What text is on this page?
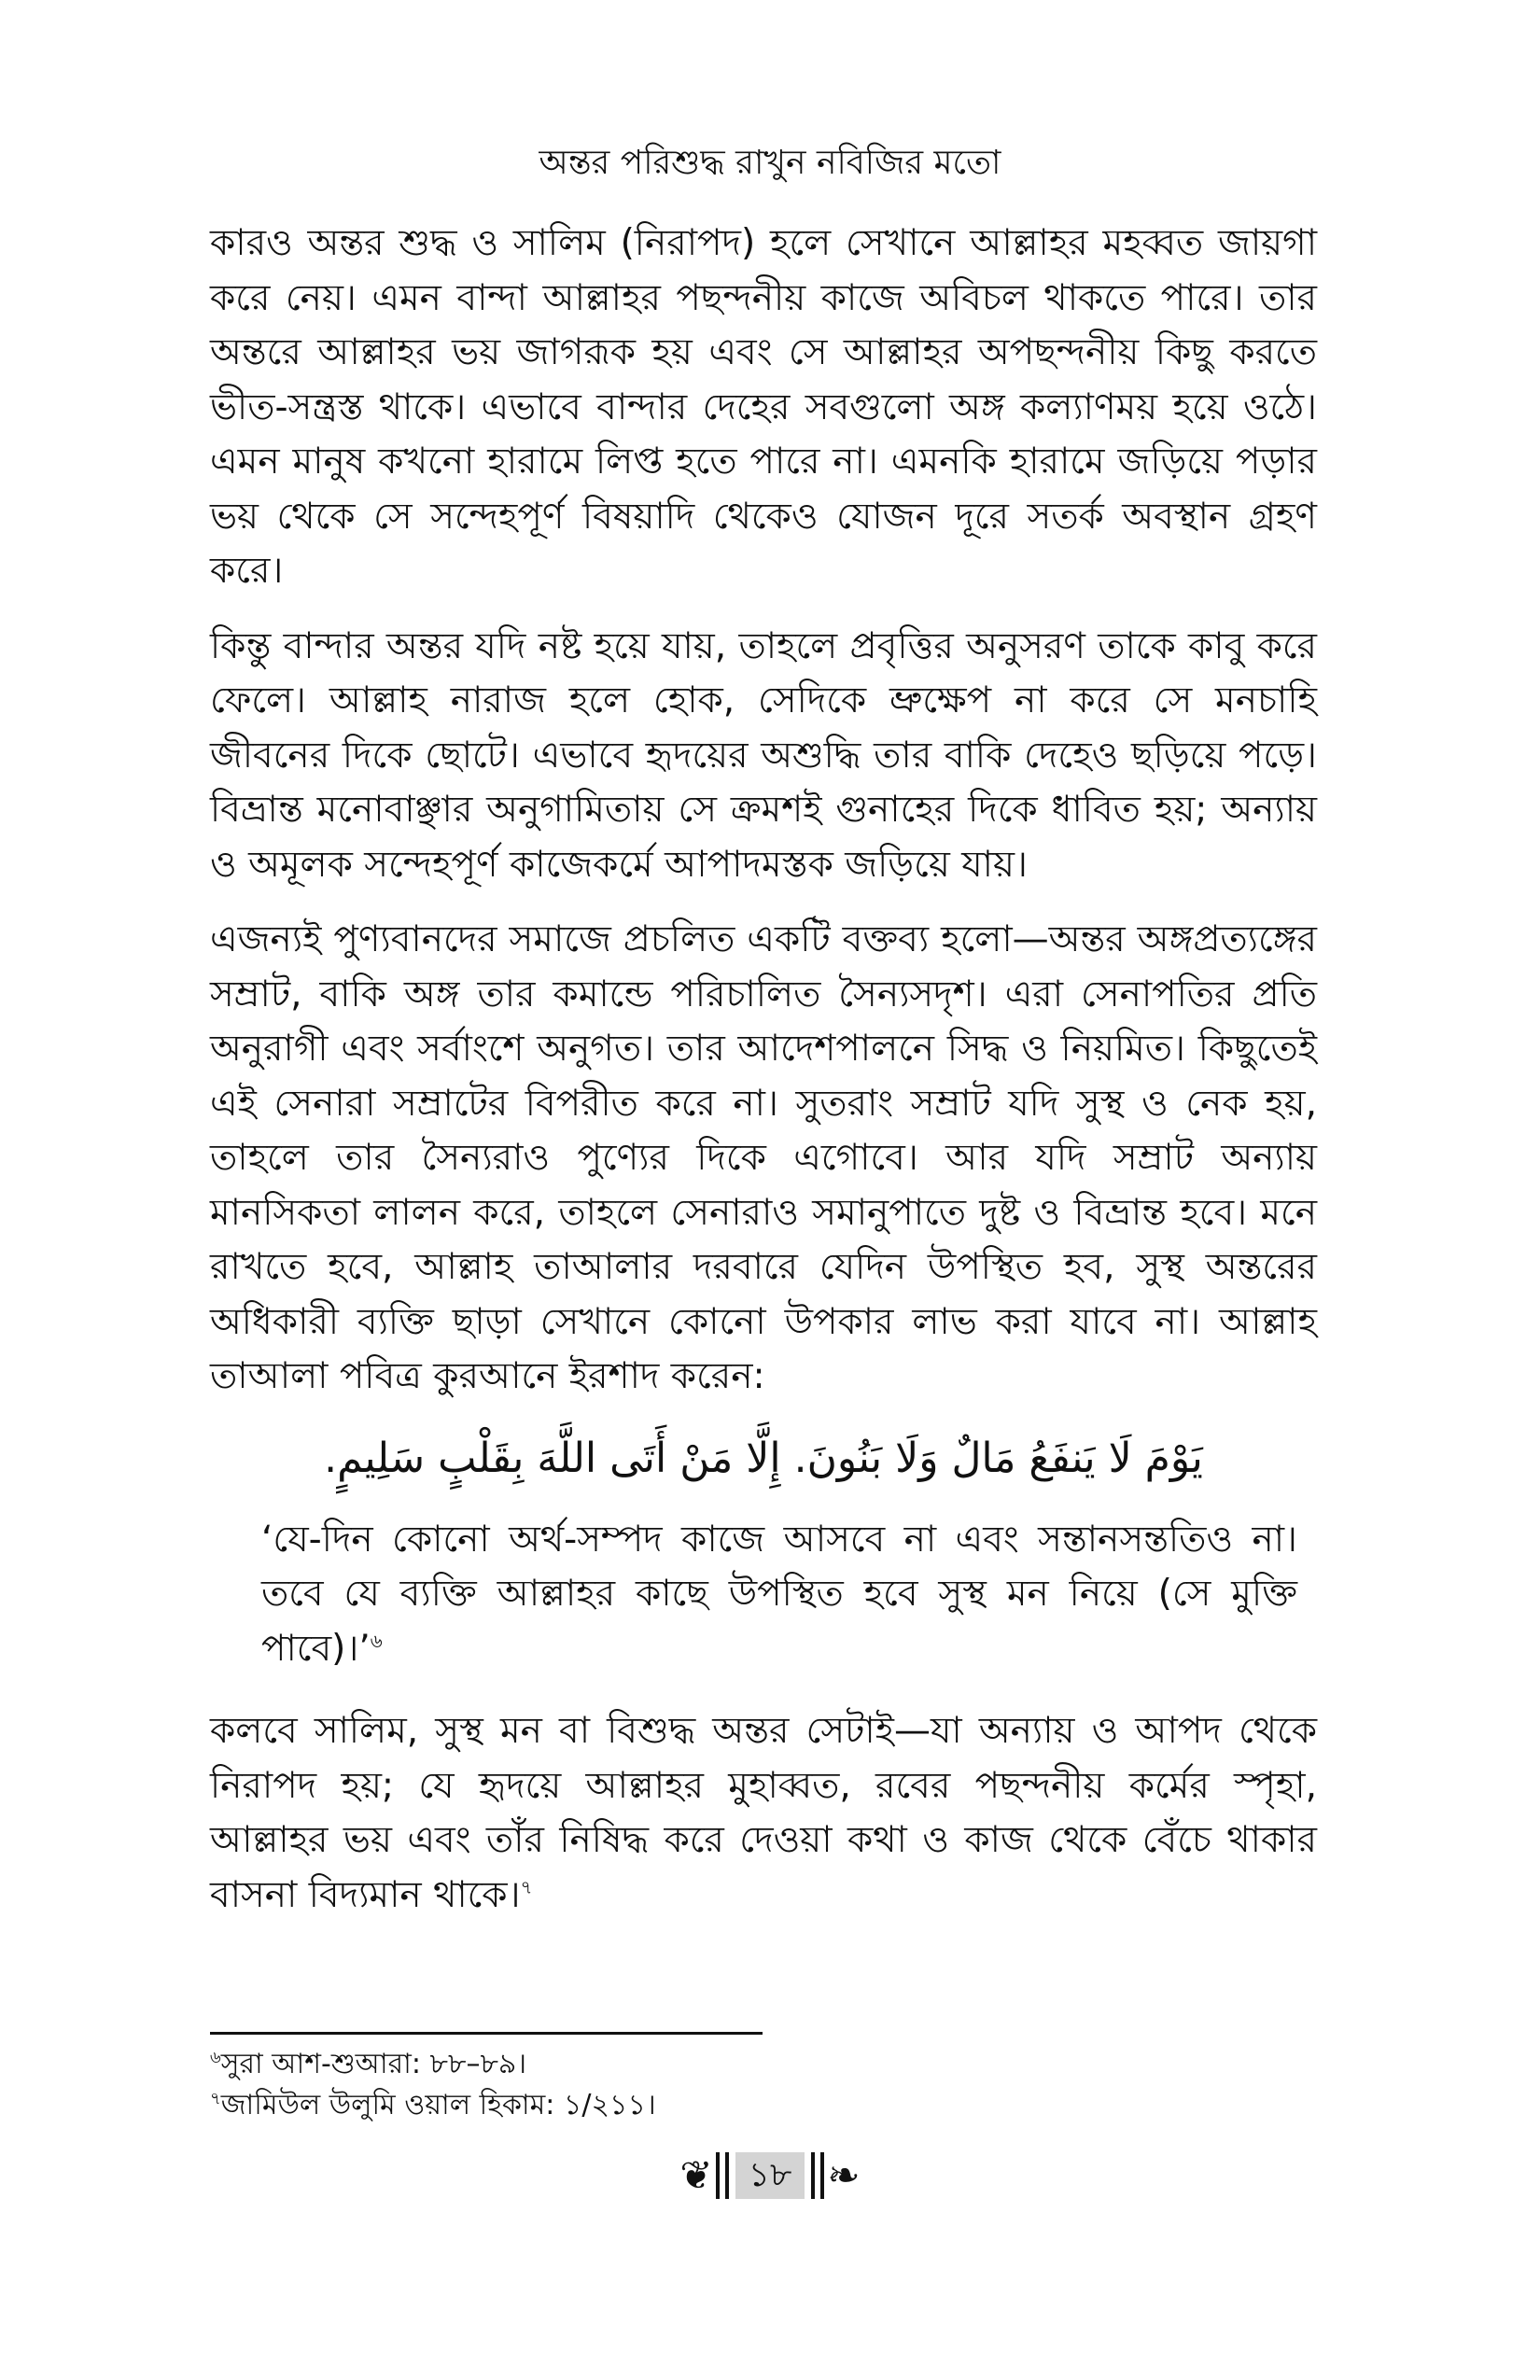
অন্তর পরিশুদ্ধ রাখুন নবিজির মতো

কারও অন্তর শুদ্ধ ও সালিম (নিরাপদ) হলে সেখানে আল্লাহর মহব্বত জায়গা করে নেয়। এমন বান্দা আল্লাহর পছন্দনীয় কাজে অবিচল থাকতে পারে। তার অন্তরে আল্লাহর ভয় জাগরূক হয় এবং সে আল্লাহর অপছন্দনীয় কিছু করতে ভীত-সন্ত্রস্ত থাকে। এভাবে বান্দার দেহের সবগুলো অঙ্গ কল্যাণময় হয়ে ওঠে। এমন মানুষ কখনো হারামে লিপ্ত হতে পারে না। এমনকি হারামে জড়িয়ে পড়ার ভয় থেকে সে সন্দেহপূর্ণ বিষয়াদি থেকেও যোজন দূরে সতর্ক অবস্থান গ্রহণ করে।

কিন্তু বান্দার অন্তর যদি নষ্ট হয়ে যায়, তাহলে প্রবৃত্তির অনুসরণ তাকে কাবু করে ফেলে। আল্লাহ নারাজ হলে হোক, সেদিকে ভ্রুক্ষেপ না করে সে মনচাহি জীবনের দিকে ছোটে। এভাবে হৃদয়ের অশুদ্ধি তার বাকি দেহেও ছড়িয়ে পড়ে। বিভ্রান্ত মনোবাঞ্ছার অনুগামিতায় সে ক্রমশই গুনাহের দিকে ধাবিত হয়; অন্যায় ও অমূলক সন্দেহপূর্ণ কাজেকর্মে আপাদমস্তক জড়িয়ে যায়।

এজন্যই পুণ্যবানদের সমাজে প্রচলিত একটি বক্তব্য হলো—অন্তর অঙ্গপ্রত্যঙ্গের সম্রাট, বাকি অঙ্গ তার কমান্ডে পরিচালিত সৈন্যসদৃশ। এরা সেনাপতির প্রতি অনুরাগী এবং সর্বাংশে অনুগত। তার আদেশপালনে সিদ্ধ ও নিয়মিত। কিছুতেই এই সেনারা সম্রাটের বিপরীত করে না। সুতরাং সম্রাট যদি সুস্থ ও নেক হয়, তাহলে তার সৈন্যরাও পুণ্যের দিকে এগোবে। আর যদি সম্রাট অন্যায় মানসিকতা লালন করে, তাহলে সেনারাও সমানুপাতে দুষ্ট ও বিভ্রান্ত হবে। মনে রাখতে হবে, আল্লাহ তাআলার দরবারে যেদিন উপস্থিত হব, সুস্থ অন্তরের অধিকারী ব্যক্তি ছাড়া সেখানে কোনো উপকার লাভ করা যাবে না। আল্লাহ তাআলা পবিত্র কুরআনে ইরশাদ করেন:

يَوْمَ لَا يَنفَعُ مَالٌ وَلَا بَنُونَ. إِلَّا مَنْ أَتَى اللَّهَ بِقَلْبٍ سَلِيمٍ.

‘যে-দিন কোনো অর্থ-সম্পদ কাজে আসবে না এবং সন্তানসন্ততিও না। তবে যে ব্যক্তি আল্লাহর কাছে উপস্থিত হবে সুস্থ মন নিয়ে (সে মুক্তি পাবে)।’$^৬$

কলবে সালিম, সুস্থ মন বা বিশুদ্ধ অন্তর সেটাই—যা অন্যায় ও আপদ থেকে নিরাপদ হয়; যে হৃদয়ে আল্লাহর মুহাব্বত, রবের পছন্দনীয় কর্মের স্পৃহা, আল্লাহর ভয় এবং তাঁর নিষিদ্ধ করে দেওয়া কথা ও কাজ থেকে বেঁচে থাকার বাসনা বিদ্যমান থাকে।$^৭$

$^৬$সুরা আশ-শুআরা: ৮৮–৮৯।

$^৭$জামিউল উলুমি ওয়াল হিকাম: ১/২১১।

❦	১৮ ❧
